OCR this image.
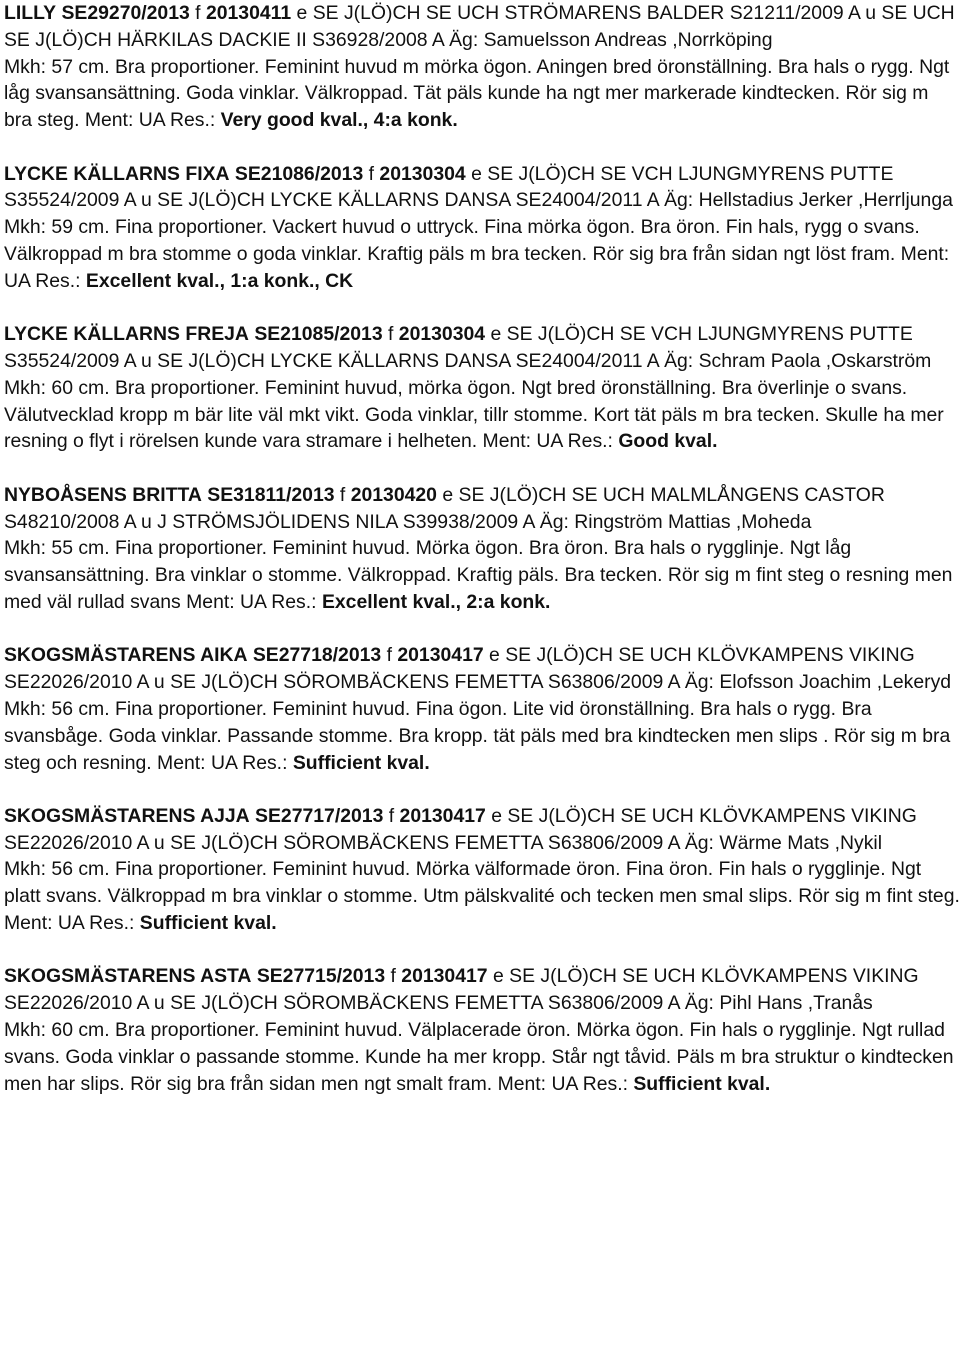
LILLY SE29270/2013 f 20130411 e SE J(LÖ)CH SE UCH STRÖMARENS BALDER S21211/2009 A u SE UCH SE J(LÖ)CH HÄRKILAS DACKIE II S36928/2008 A Äg: Samuelsson Andreas ,Norrköping

Mkh: 57 cm. Bra proportioner. Feminint huvud m mörka ögon. Aningen bred öronställning. Bra hals o rygg. Ngt låg svansansättning. Goda vinklar. Välkroppad. Tät päls kunde ha ngt mer markerade kindtecken. Rör sig m bra steg. Ment: UA Res.: Very good kval., 4:a konk.

LYCKE KÄLLARNS FIXA SE21086/2013 f 20130304 e SE J(LÖ)CH SE VCH LJUNGMYRENS PUTTE S35524/2009 A u SE J(LÖ)CH LYCKE KÄLLARNS DANSA SE24004/2011 A Äg: Hellstadius Jerker ,Herrljunga

Mkh: 59 cm. Fina proportioner. Vackert huvud o uttryck. Fina mörka ögon. Bra öron. Fin hals, rygg o svans. Välkroppad m bra stomme o goda vinklar. Kraftig päls m bra tecken. Rör sig bra från sidan ngt löst fram. Ment: UA Res.: Excellent kval., 1:a konk., CK

LYCKE KÄLLARNS FREJA SE21085/2013 f 20130304 e SE J(LÖ)CH SE VCH LJUNGMYRENS PUTTE S35524/2009 A u SE J(LÖ)CH LYCKE KÄLLARNS DANSA SE24004/2011 A Äg: Schram Paola ,Oskarström

Mkh: 60 cm. Bra proportioner. Feminint huvud, mörka ögon. Ngt bred öronställning. Bra överlinje o svans. Välutvecklad kropp m bär lite väl mkt vikt. Goda vinklar, tillr stomme. Kort tät päls m bra tecken. Skulle ha mer resning o flyt i rörelsen kunde vara stramare i helheten. Ment: UA Res.: Good kval.

NYBOÅSENS BRITTA SE31811/2013 f 20130420 e SE J(LÖ)CH SE UCH MALMLÅNGENS CASTOR S48210/2008 A u J STRÖMSJÖLIDENS NILA S39938/2009 A Äg: Ringström Mattias ,Moheda

Mkh: 55 cm. Fina proportioner. Feminint huvud. Mörka ögon. Bra öron. Bra hals o rygglinje. Ngt låg svansansättning. Bra vinklar o stomme. Välkroppad. Kraftig päls. Bra tecken. Rör sig m fint steg o resning men med väl rullad svans Ment: UA Res.: Excellent kval., 2:a konk.

SKOGSMÄSTARENS AIKA SE27718/2013 f 20130417 e SE J(LÖ)CH SE UCH KLÖVKAMPENS VIKING SE22026/2010 A u SE J(LÖ)CH SÖROMBÄCKENS FEMETTA S63806/2009 A Äg: Elofsson Joachim ,Lekeryd

Mkh: 56 cm. Fina proportioner. Feminint huvud. Fina ögon. Lite vid öronställning. Bra hals o rygg. Bra svansbåge. Goda vinklar. Passande stomme. Bra kropp. tät päls med bra kindtecken men slips . Rör sig m bra steg och resning. Ment: UA Res.: Sufficient kval.

SKOGSMÄSTARENS AJJA SE27717/2013 f 20130417 e SE J(LÖ)CH SE UCH KLÖVKAMPENS VIKING SE22026/2010 A u SE J(LÖ)CH SÖROMBÄCKENS FEMETTA S63806/2009 A Äg: Wärme Mats ,Nykil

Mkh: 56 cm. Fina proportioner. Feminint huvud. Mörka välformade öron. Fina öron. Fin hals o rygglinje. Ngt platt svans. Välkroppad m bra vinklar o stomme. Utm pälskvalité och tecken men smal slips. Rör sig m fint steg. Ment: UA Res.: Sufficient kval.

SKOGSMÄSTARENS ASTA SE27715/2013 f 20130417 e SE J(LÖ)CH SE UCH KLÖVKAMPENS VIKING SE22026/2010 A u SE J(LÖ)CH SÖROMBÄCKENS FEMETTA S63806/2009 A Äg: Pihl Hans ,Tranås

Mkh: 60 cm. Bra proportioner. Feminint huvud. Välplacerade öron. Mörka ögon. Fin hals o rygglinje. Ngt rullad svans. Goda vinklar o passande stomme. Kunde ha mer kropp. Står ngt tåvid. Päls m bra struktur o kindtecken men har slips. Rör sig bra från sidan men ngt smalt fram. Ment: UA Res.: Sufficient kval.
